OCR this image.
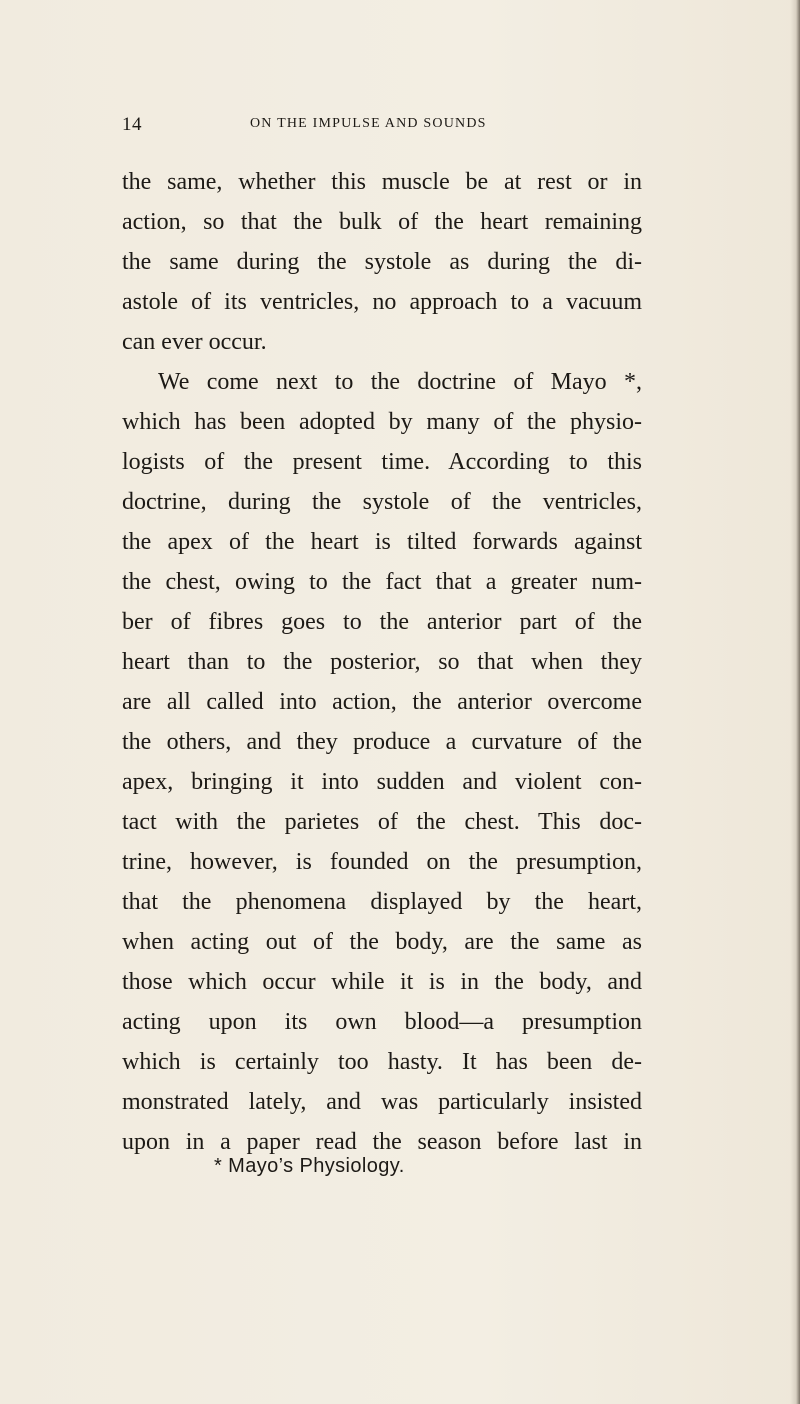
14	ON THE IMPULSE AND SOUNDS
the same, whether this muscle be at rest or in
action, so that the bulk of the heart remaining
the same during the systole as during the di-
astole of its ventricles, no approach to a vacuum
can ever occur.
We come next to the doctrine of Mayo *,
which has been adopted by many of the physio-
logists of the present time. According to this
doctrine, during the systole of the ventricles,
the apex of the heart is tilted forwards against
the chest, owing to the fact that a greater num-
ber of fibres goes to the anterior part of the
heart than to the posterior, so that when they
are all called into action, the anterior overcome
the others, and they produce a curvature of the
apex, bringing it into sudden and violent con-
tact with the parietes of the chest. This doc-
trine, however, is founded on the presumption,
that the phenomena displayed by the heart,
when acting out of the body, are the same as
those which occur while it is in the body, and
acting upon its own blood—a presumption
which is certainly too hasty. It has been de-
monstrated lately, and was particularly insisted
upon in a paper read the season before last in
* Mayo’s Physiology.
